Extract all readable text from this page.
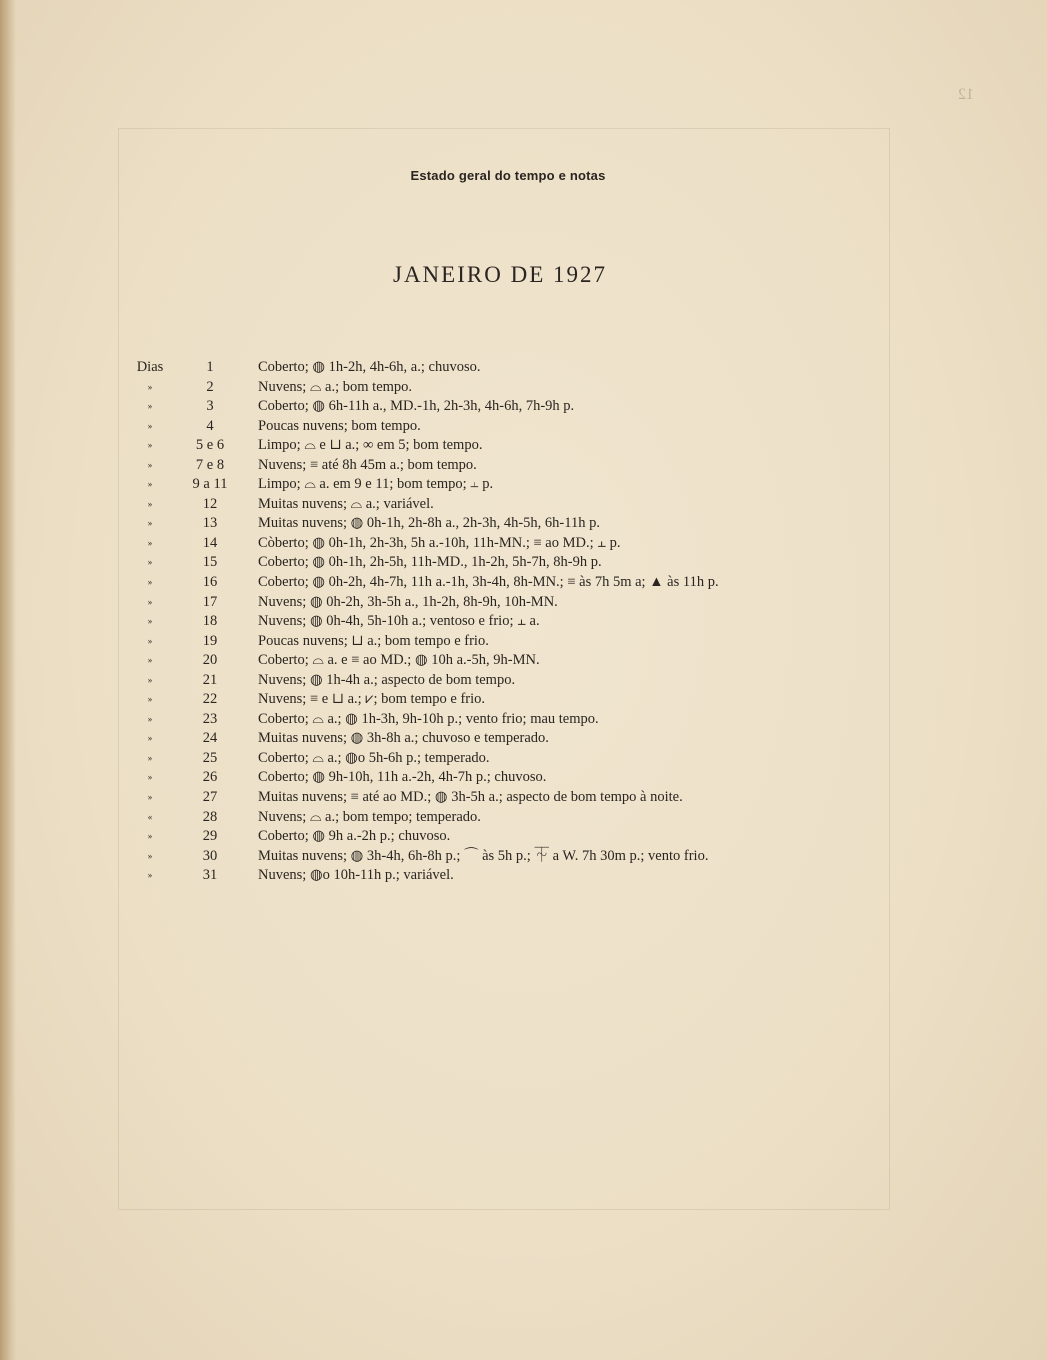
12
Estado geral do tempo e notas
JANEIRO DE 1927
Dias	1	Coberto; ◍ 1h-2h, 4h-6h, a.; chuvoso.
»	2	Nuvens; ⌓ a.; bom tempo.
»	3	Coberto; ◍ 6h-11h a., MD.-1h, 2h-3h, 4h-6h, 7h-9h p.
»	4	Poucas nuvens; bom tempo.
»	5 e 6	Limpo; ⌓ e ⊔ a.; ∞ em 5; bom tempo.
»	7 e 8	Nuvens; ≡ até 8h 45m a.; bom tempo.
»	9 a 11	Limpo; ⌓ a. em 9 e 11; bom tempo; ⫠ p.
»	12	Muitas nuvens; ⌓ a.; variável.
»	13	Muitas nuvens; ◍ 0h-1h, 2h-8h a., 2h-3h, 4h-5h, 6h-11h p.
»	14	Còberto; ◍ 0h-1h, 2h-3h, 5h a.-10h, 11h-MN.; ≡ ao MD.; ⫠ p.
»	15	Coberto; ◍ 0h-1h, 2h-5h, 11h-MD., 1h-2h, 5h-7h, 8h-9h p.
»	16	Coberto; ◍ 0h-2h, 4h-7h, 11h a.-1h, 3h-4h, 8h-MN.; ≡ às 7h 5m a; ▲ às 11h p.
»	17	Nuvens; ◍ 0h-2h, 3h-5h a., 1h-2h, 8h-9h, 10h-MN.
»	18	Nuvens; ◍ 0h-4h, 5h-10h a.; ventoso e frio; ⫠ a.
»	19	Poucas nuvens; ⊔ a.; bom tempo e frio.
»	20	Coberto; ⌓ a. e ≡ ao MD.; ◍ 10h a.-5h, 9h-MN.
»	21	Nuvens; ◍ 1h-4h a.; aspecto de bom tempo.
»	22	Nuvens; ≡ e ⊔ a.; ⩗; bom tempo e frio.
»	23	Coberto; ⌓ a.; ◍ 1h-3h, 9h-10h p.; vento frio; mau tempo.
»	24	Muitas nuvens; ◍ 3h-8h a.; chuvoso e temperado.
»	25	Coberto; ⌓ a.; ◍o 5h-6h p.; temperado.
»	26	Coberto; ◍ 9h-10h, 11h a.-2h, 4h-7h p.; chuvoso.
»	27	Muitas nuvens; ≡ até ao MD.; ◍ 3h-5h a.; aspecto de bom tempo à noite.
«	28	Nuvens; ⌓ a.; bom tempo; temperado.
»	29	Coberto; ◍ 9h a.-2h p.; chuvoso.
»	30	Muitas nuvens; ◍ 3h-4h, 6h-8h p.; ⌒ às 5h p.; ⏇ a W. 7h 30m p.; vento frio.
»	31	Nuvens; ◍o 10h-11h p.; variável.
